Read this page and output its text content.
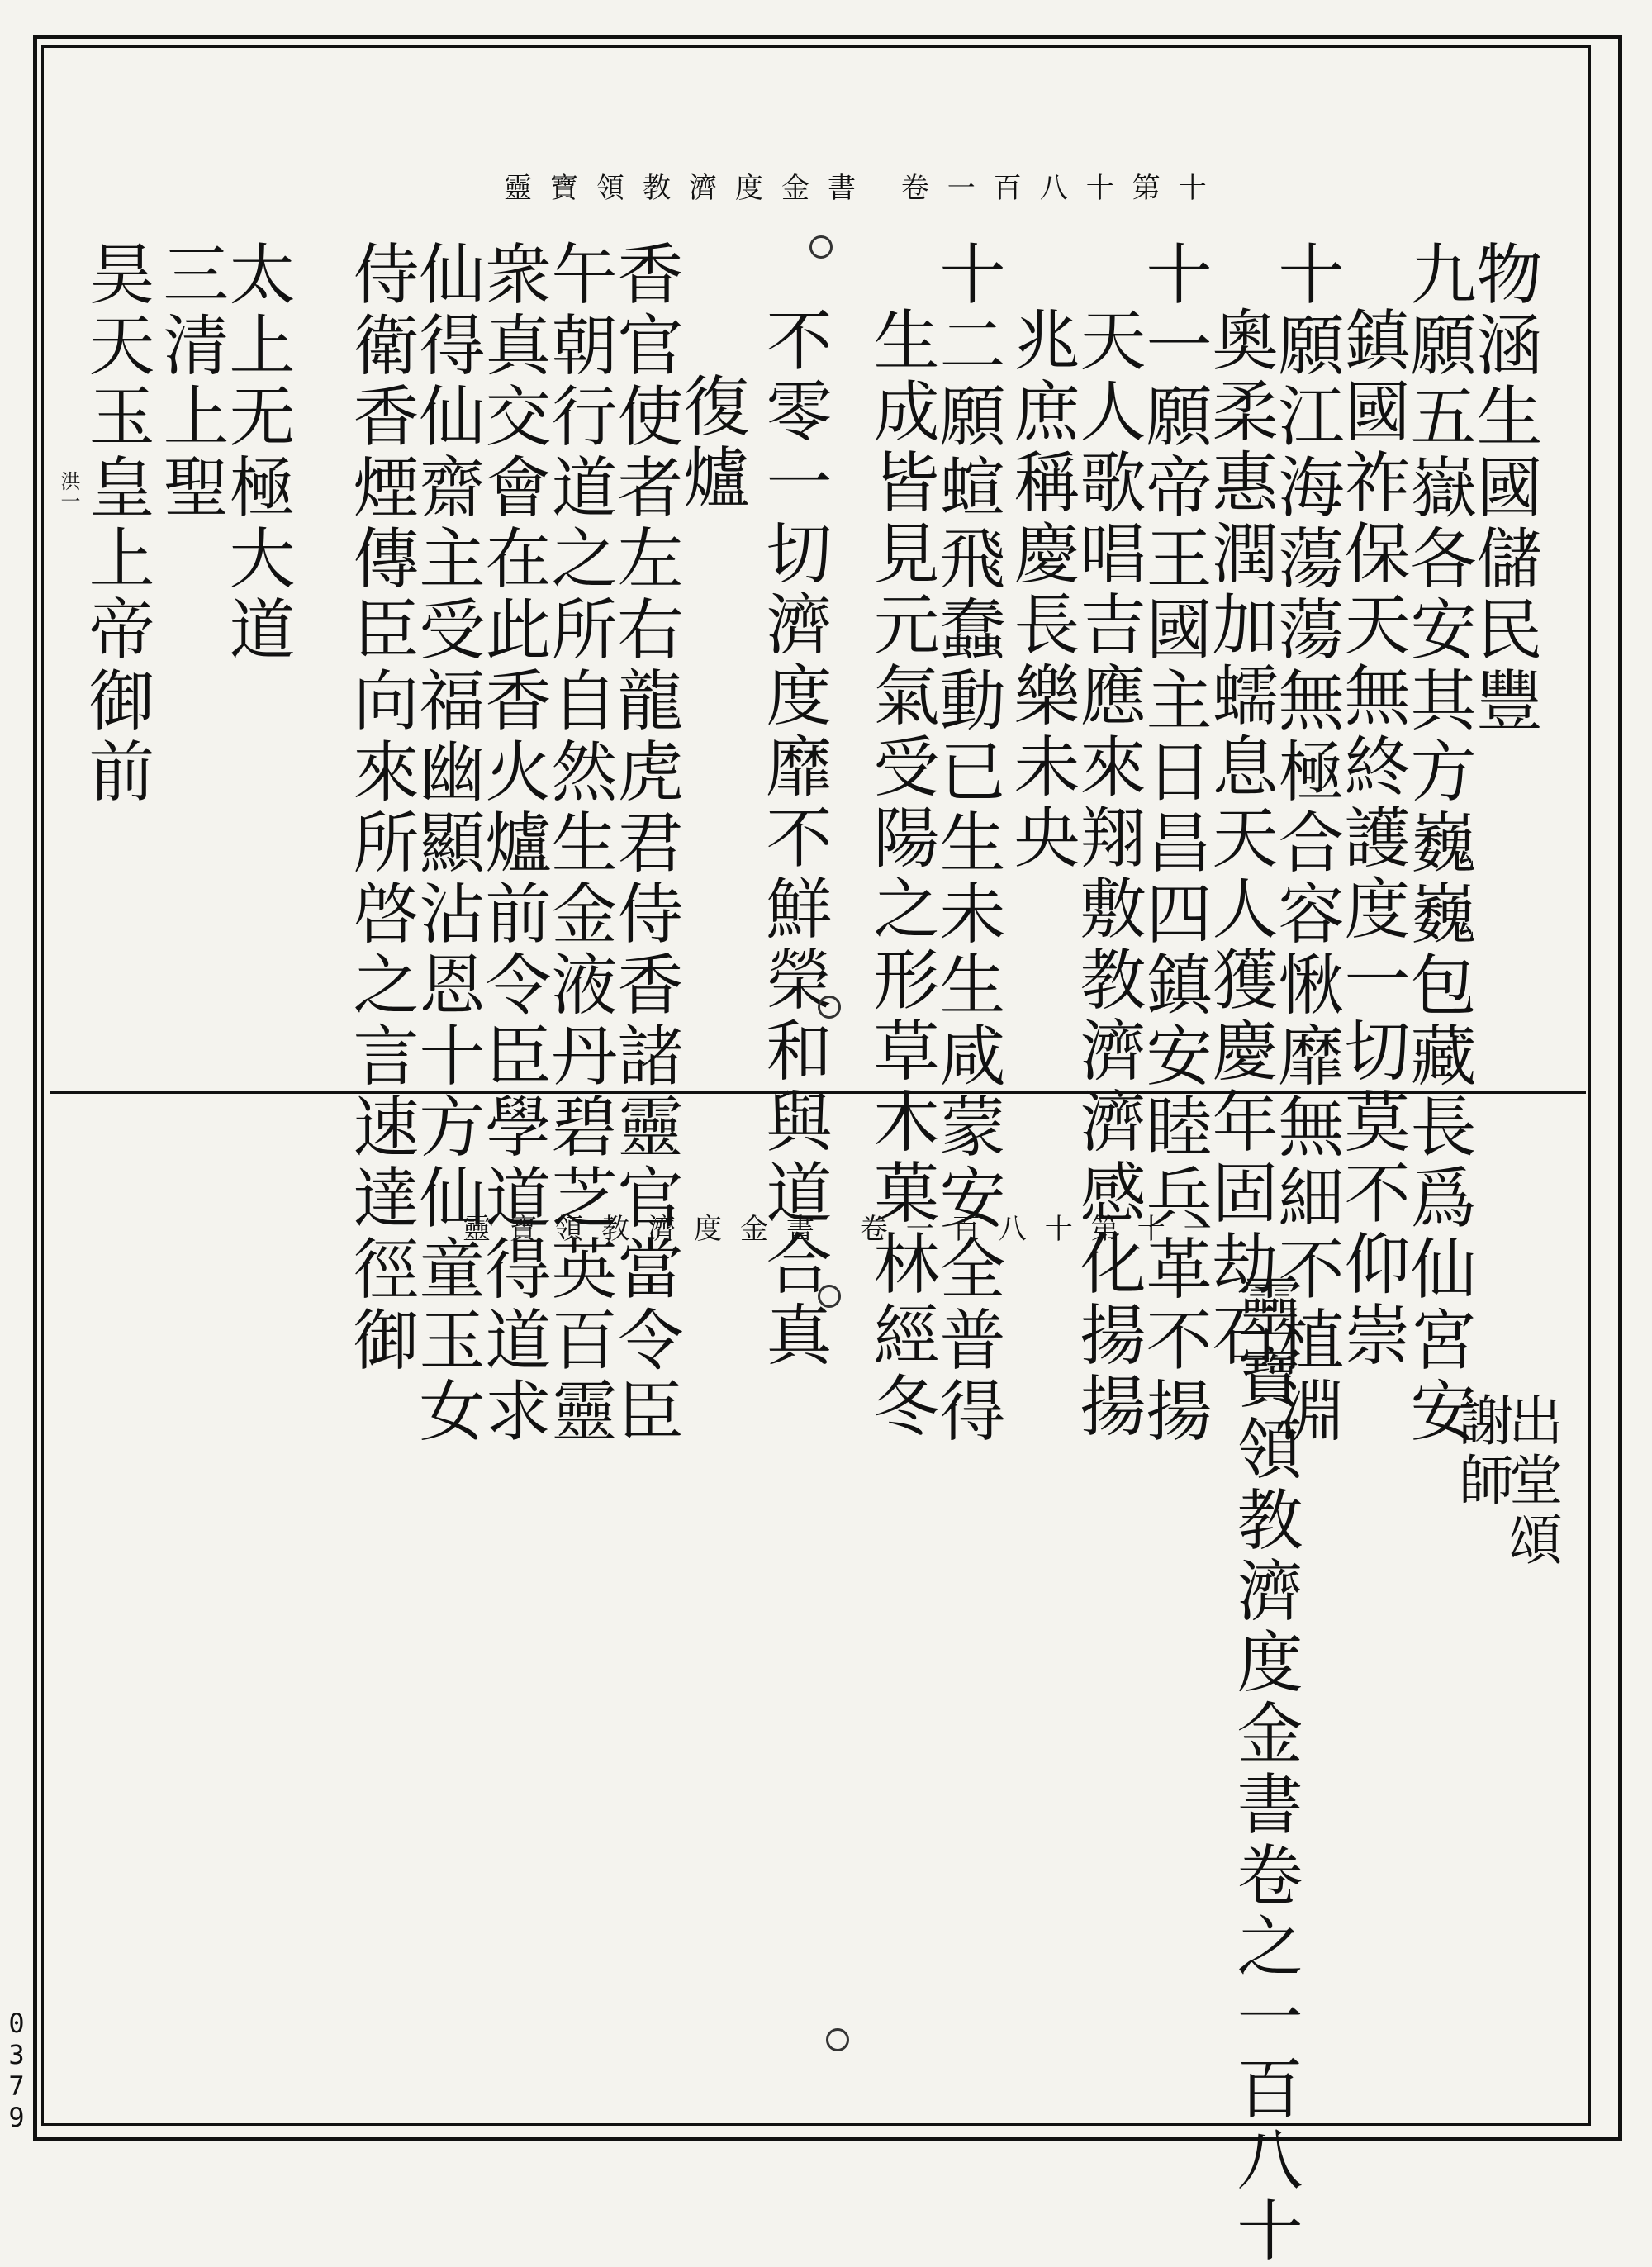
靈寶領教濟度金書 卷一百八十第十
物涵生國儲民豐
九願五嶽各安其方巍巍包藏長爲仙宮安
鎮國祚保天無終護度一切莫不仰崇
十願江海蕩蕩無極合容愀靡無細不植淵
奧柔惠潤加蠕息天人獲慶年固劫石
十一願帝王國主日昌四鎮安睦兵革不揚
天人歌唱吉應來翔敷教濟濟感化揚揚
兆庶稱慶長樂未央
十二願蝖飛蠢動已生未生咸蒙安全普得
生成皆見元氣受陽之形草木菓林經冬
不零一切濟度靡不鮮榮和與道合真
復爐
香官使者左右龍虎君侍香諸靈官當令臣
午朝行道之所自然生金液丹碧芝英百靈
衆真交會在此香火爐前令臣學道得道求
仙得仙齋主受福幽顯沾恩十方仙童玉女
侍衛香煙傳臣向來所啓之言速達徑御
太上无極大道
三清上聖
昊天玉皇上帝御前
洪一
靈寶領教濟度金書 卷一百八十第十一
出堂頌
謝師
靈寶領教濟度金書卷之一百八十
0
3
7
9
